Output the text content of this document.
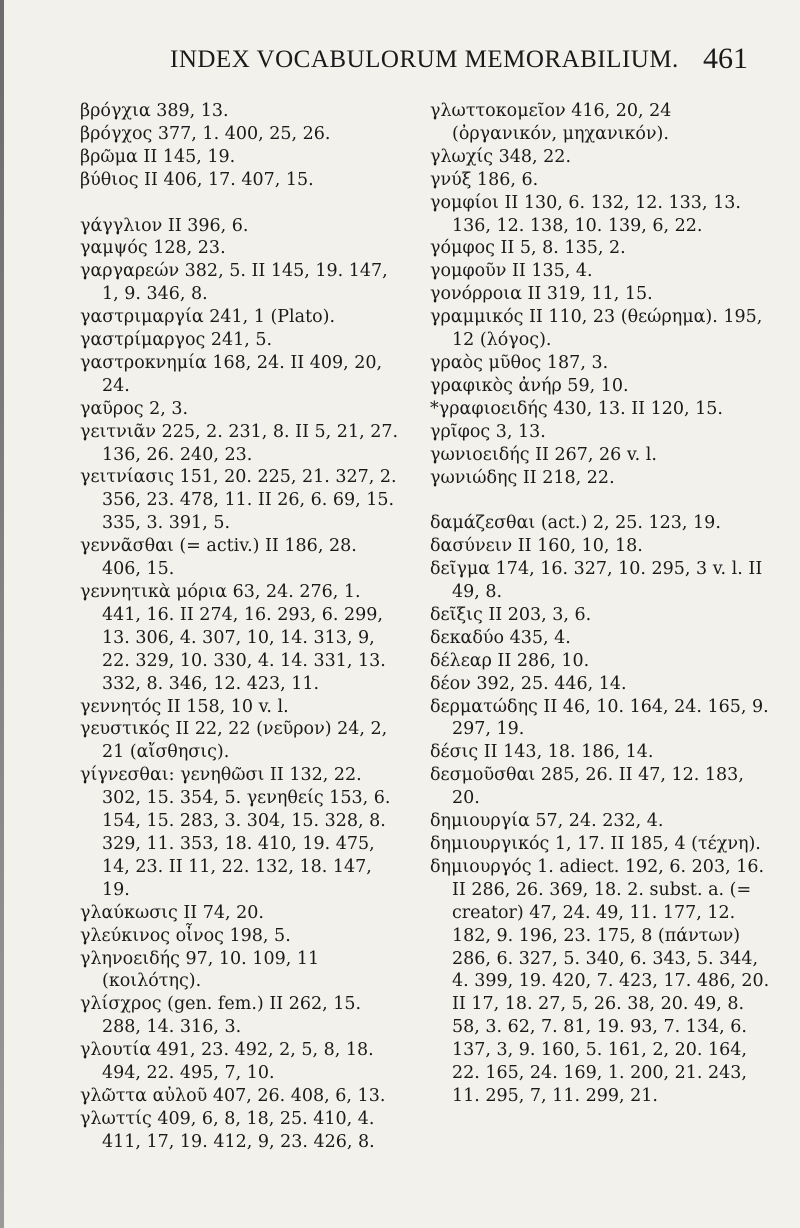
INDEX VOCABULORUM MEMORABILIUM. 461
βρόγχια 389, 13.
βρόγχος 377, 1. 400, 25, 26.
βρῶμα II 145, 19.
βύθιος II 406, 17. 407, 15.
γάγγλιον II 396, 6.
γαμψός 128, 23.
γαργαρεών 382, 5. II 145, 19. 147, 1, 9. 346, 8.
γαστριμαργία 241, 1 (Plato).
γαστρίμαργος 241, 5.
γαστροκνημία 168, 24. II 409, 20, 24.
γαῦρος 2, 3.
γειτνιᾶν 225, 2. 231, 8. II 5, 21, 27. 136, 26. 240, 23.
γειτνίασις 151, 20. 225, 21. 327, 2. 356, 23. 478, 11. II 26, 6. 69, 15. 335, 3. 391, 5.
γεννᾶσθαι (= activ.) II 186, 28. 406, 15.
γεννητικὰ μόρια 63, 24. 276, 1. 441, 16. II 274, 16. 293, 6. 299, 13. 306, 4. 307, 10, 14. 313, 9, 22. 329, 10. 330, 4. 14. 331, 13. 332, 8. 346, 12. 423, 11.
γεννητός II 158, 10 v. l.
γευστικός II 22, 22 (νεῦρον) 24, 2, 21 (αἴσθησις).
γίγνεσθαι: γενηθῶσι II 132, 22. 302, 15. 354, 5. γενηθείς 153, 6. 154, 15. 283, 3. 304, 15. 328, 8. 329, 11. 353, 18. 410, 19. 475, 14, 23. II 11, 22. 132, 18. 147, 19.
γλαύκωσις II 74, 20.
γλεύκινος οἶνος 198, 5.
γληνοειδής 97, 10. 109, 11 (κοιλότης).
γλίσχρος (gen. fem.) II 262, 15. 288, 14. 316, 3.
γλουτία 491, 23. 492, 2, 5, 8, 18. 494, 22. 495, 7, 10.
γλῶττα αὐλοῦ 407, 26. 408, 6, 13.
γλωττίς 409, 6, 8, 18, 25. 410, 4. 411, 17, 19. 412, 9, 23. 426, 8.
γλωττοκομεῖον 416, 20, 24 (ὀργανικόν, μηχανικόν).
γλωχίς 348, 22.
γνύξ 186, 6.
γομφίοι II 130, 6. 132, 12. 133, 13. 136, 12. 138, 10. 139, 6, 22.
γόμφος II 5, 8. 135, 2.
γομφοῦν II 135, 4.
γονόρροια II 319, 11, 15.
γραμμικός II 110, 23 (θεώρημα). 195, 12 (λόγος).
γραὸς μῦθος 187, 3.
γραφικὸς ἀνήρ 59, 10.
*γραφιοειδής 430, 13. II 120, 15.
γρῖφος 3, 13.
γωνιοειδής II 267, 26 v. l.
γωνιώδης II 218, 22.
δαμάζεσθαι (act.) 2, 25. 123, 19.
δασύνειν II 160, 10, 18.
δεῖγμα 174, 16. 327, 10. 295, 3 v. l. II 49, 8.
δεῖξις II 203, 3, 6.
δεκαδύο 435, 4.
δέλεαρ II 286, 10.
δέον 392, 25. 446, 14.
δερματώδης II 46, 10. 164, 24. 165, 9. 297, 19.
δέσις II 143, 18. 186, 14.
δεσμοῦσθαι 285, 26. II 47, 12. 183, 20.
δημιουργία 57, 24. 232, 4.
δημιουργικός 1, 17. II 185, 4 (τέχνη).
δημιουργός 1. adiect. 192, 6. 203, 16. II 286, 26. 369, 18. 2. subst. a. (= creator) 47, 24. 49, 11. 177, 12. 182, 9. 196, 23. 175, 8 (πάντων) 286, 6. 327, 5. 340, 6. 343, 5. 344, 4. 399, 19. 420, 7. 423, 17. 486, 20. II 17, 18. 27, 5, 26. 38, 20. 49, 8. 58, 3. 62, 7. 81, 19. 93, 7. 134, 6. 137, 3, 9. 160, 5. 161, 2, 20. 164, 22. 165, 24. 169, 1. 200, 21. 243, 11. 295, 7, 11. 299, 21.
